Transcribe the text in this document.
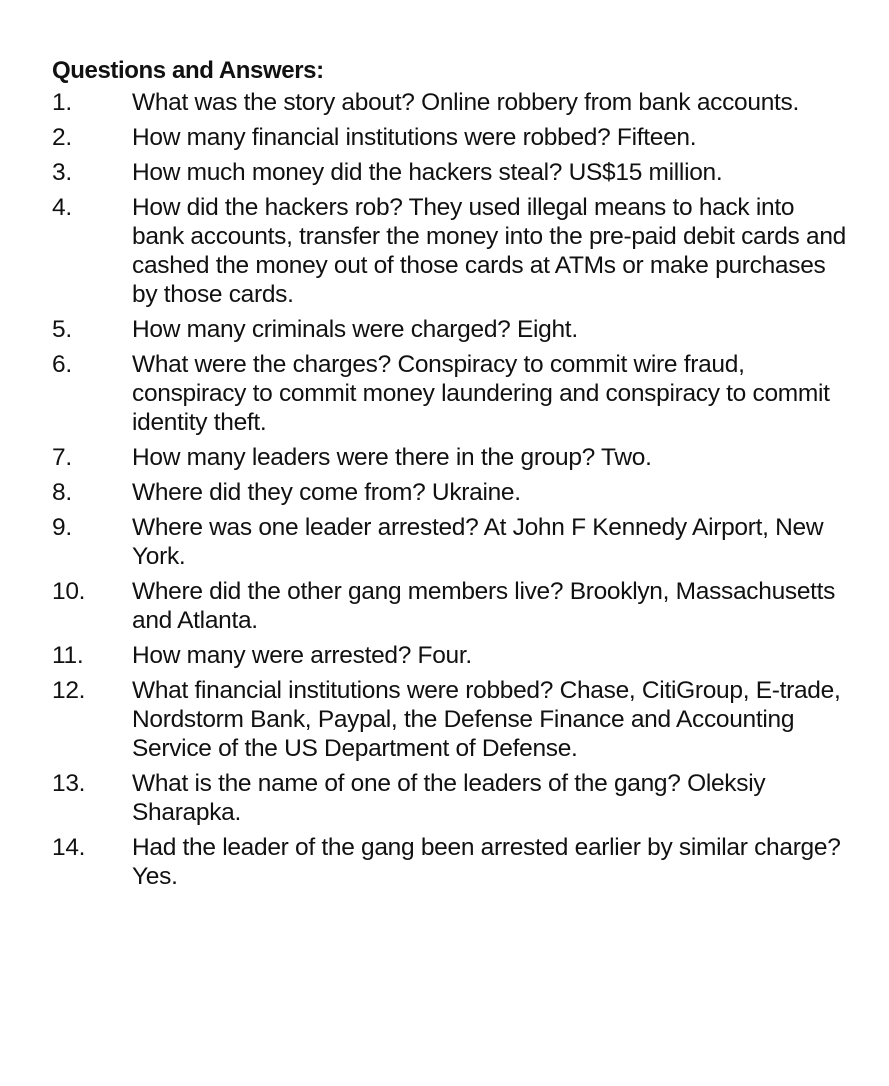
Questions and Answers:
1.	What was the story about? Online robbery from bank accounts.
2.	How many financial institutions were robbed? Fifteen.
3.	How much money did the hackers steal? US$15 million.
4.	How did the hackers rob? They used illegal means to hack into bank accounts, transfer the money into the pre-paid debit cards and cashed the money out of those cards at ATMs or make purchases by those cards.
5.	How many criminals were charged? Eight.
6.	What were the charges? Conspiracy to commit wire fraud, conspiracy to commit money laundering and conspiracy to commit identity theft.
7.	How many leaders were there in the group? Two.
8.	Where did they come from? Ukraine.
9.	Where was one leader arrested? At John F Kennedy Airport, New York.
10.	Where did the other gang members live? Brooklyn, Massachusetts and Atlanta.
11.	How many were arrested? Four.
12.	What financial institutions were robbed? Chase, CitiGroup, E-trade, Nordstorm Bank, Paypal, the Defense Finance and Accounting Service of the US Department of Defense.
13.	What is the name of one of the leaders of the gang? Oleksiy Sharapka.
14.	Had the leader of the gang been arrested earlier by similar charge? Yes.
